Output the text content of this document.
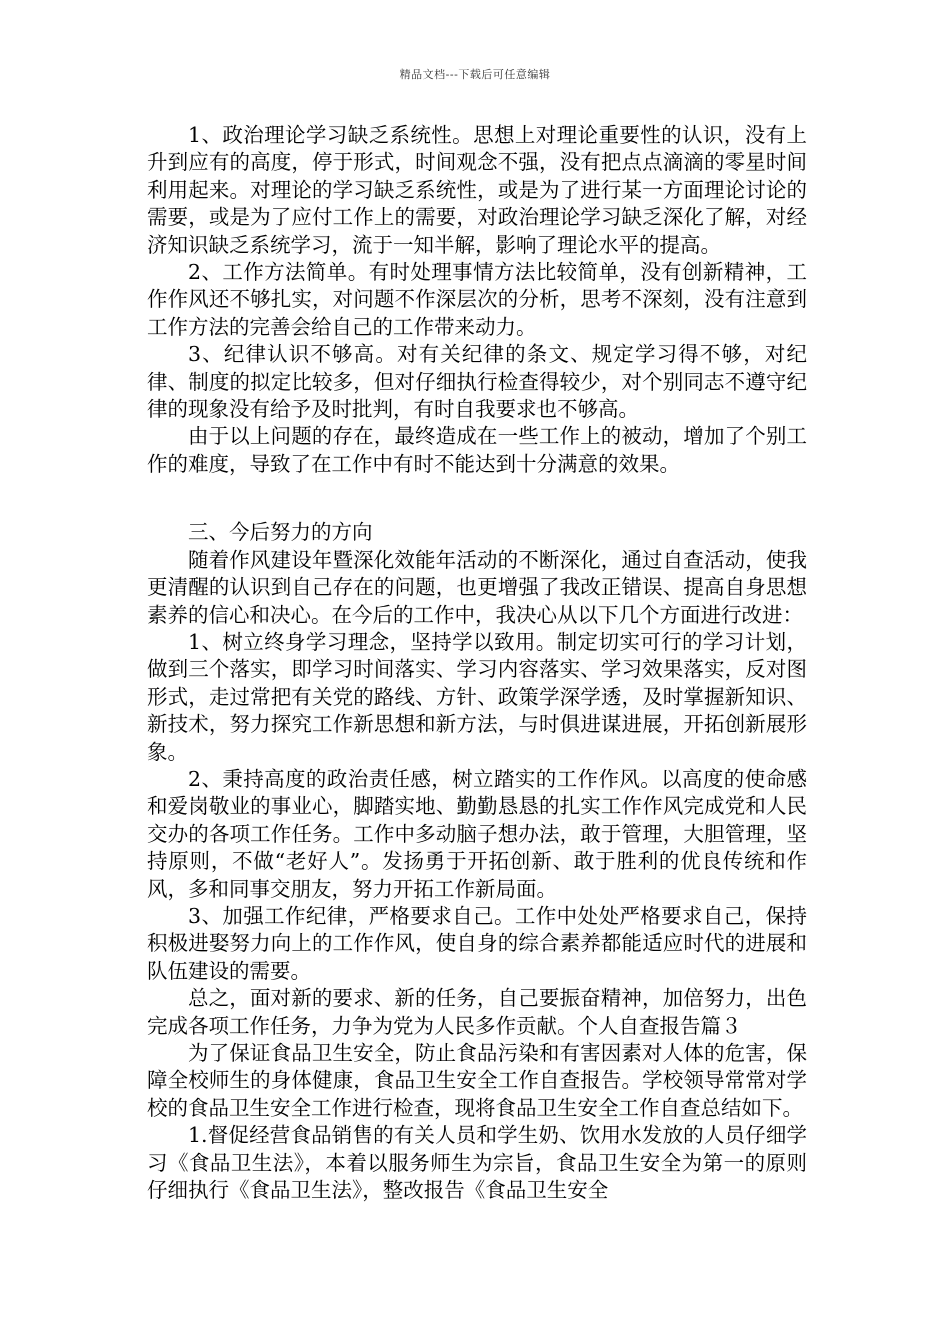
精品文档---下载后可任意编辑

1、政治理论学习缺乏系统性。思想上对理论重要性的认识，没有上升到应有的高度，停于形式，时间观念不强，没有把点点滴滴的零星时间利用起来。对理论的学习缺乏系统性，或是为了进行某一方面理论讨论的需要，或是为了应付工作上的需要，对政治理论学习缺乏深化了解，对经济知识缺乏系统学习，流于一知半解，影响了理论水平的提高。

2、工作方法简单。有时处理事情方法比较简单，没有创新精神，工作作风还不够扎实，对问题不作深层次的分析，思考不深刻，没有注意到工作方法的完善会给自己的工作带来动力。

3、纪律认识不够高。对有关纪律的条文、规定学习得不够，对纪律、制度的拟定比较多，但对仔细执行检查得较少，对个别同志不遵守纪律的现象没有给予及时批判，有时自我要求也不够高。

由于以上问题的存在，最终造成在一些工作上的被动，增加了个别工作的难度，导致了在工作中有时不能达到十分满意的效果。

三、今后努力的方向

随着作风建设年暨深化效能年活动的不断深化，通过自查活动，使我更清醒的认识到自己存在的问题，也更增强了我改正错误、提高自身思想素养的信心和决心。在今后的工作中，我决心从以下几个方面进行改进：

1、树立终身学习理念，坚持学以致用。制定切实可行的学习计划，做到三个落实，即学习时间落实、学习内容落实、学习效果落实，反对图形式，走过常把有关党的路线、方针、政策学深学透，及时掌握新知识、新技术，努力探究工作新思想和新方法，与时俱进谋进展，开拓创新展形象。

2、秉持高度的政治责任感，树立踏实的工作作风。以高度的使命感和爱岗敬业的事业心，脚踏实地、勤勤恳恳的扎实工作作风完成党和人民交办的各项工作任务。工作中多动脑子想办法，敢于管理，大胆管理，坚持原则，不做“老好人”。发扬勇于开拓创新、敢于胜利的优良传统和作风，多和同事交朋友，努力开拓工作新局面。

3、加强工作纪律，严格要求自己。工作中处处严格要求自己，保持积极进娶努力向上的工作作风，使自身的综合素养都能适应时代的进展和队伍建设的需要。

总之，面对新的要求、新的任务，自己要振奋精神，加倍努力，出色完成各项工作任务，力争为党为人民多作贡献。个人自查报告篇３

为了保证食品卫生安全，防止食品污染和有害因素对人体的危害，保障全校师生的身体健康，食品卫生安全工作自查报告。学校领导常常对学校的食品卫生安全工作进行检查，现将食品卫生安全工作自查总结如下。

1.督促经营食品销售的有关人员和学生奶、饮用水发放的人员仔细学习《食品卫生法》，本着以服务师生为宗旨，食品卫生安全为第一的原则仔细执行《食品卫生法》，整改报告《食品卫生安全
